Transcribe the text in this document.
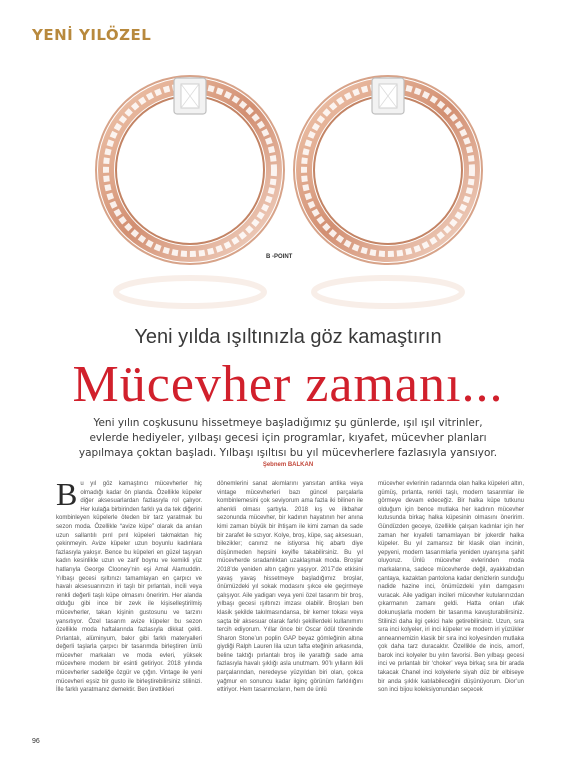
YENİ YILÖZEL
B -POINT
Yeni yılda ışıltınızla göz kamaştırın
Mücevher zamanı...
Yeni yılın coşkusunu hissetmeye başladığımız şu günlerde, ışıl ışıl vitrinler, evlerde hediyeler, yılbaşı gecesi için programlar, kıyafet, mücevher planları yapılmaya çoktan başladı. Yılbaşı ışıltısı bu yıl mücevherlere fazlasıyla yansıyor.
Şebnem BALKAN
Bu yıl göz kamaştırıcı mücevherler hiç olmadığı kadar ön planda. Özellikle küpeler diğer aksesuarlardan fazlasıyla rol çalıyor. Her kulağa birbirinden farklı ya da tek diğerini kombinleyen küpelerle öteden bir tarz yaratmak bu sezon moda. Özellikle “avize küpe” olarak da anılan uzun sallantılı pırıl pırıl küpeleri takmaktan hiç çekinmeyin. Avize küpeler uzun boyunlu kadınlara fazlasıyla yakışır. Bence bu küpeleri en güzel taşıyan kadın kesinlikle uzun ve zarif boynu ve kemikli yüz hatlarıyla George Clooney’nin eşi Amal Alamuddin. Yılbaşı gecesi ışıltınızı tamamlayan en çarpıcı ve havalı aksesuarınızın iri taşlı bir pırlantalı, incili veya renkli değerli taşlı küpe olmasını öneririm. Her alanda olduğu gibi ince bir zevk ile kişiselleştirilmiş mücevherler, takan kişinin gustosunu ve tarzını yansıtıyor. Özel tasarım avize küpeler bu sezon özellikle moda haftalarında fazlasıyla dikkat çekti. Pırlantalı, alüminyum, bakır gibi farklı materyalleri değerli taşlarla çarpıcı bir tasarımda birleştiren ünlü mücevher markaları ve moda evleri, yüksek mücevhere modern bir esinti getiriyor. 2018 yılında mücevherler sadeliğe özgür ve çığın. Vintage ile yeni mücevheri eşsiz bir gusto ile birleştirebilirsiniz stilinizi. İlle farklı yaratmanız demektir. Ben ürettikleri
dönemlerini sanat akımlarını yansıtan antika veya vintage mücevherleri bazı güncel parçalarla kombinlemesini çok seviyorum ama fazla iki bilinen ile ahenkli olması şartıyla. 2018 kış ve ilkbahar sezonunda mücevher, bir kadının hayatının her anına kimi zaman büyük bir ihtişam ile kimi zaman da sade bir zarafet ile sızıyor. Kolye, broş, küpe, saç aksesuarı, bilezikler; canınız ne istiyorsa hiç abartı diye düşünmeden hepsini keyifle takabilirsiniz. Bu yıl mücevherde sıradanlıktan uzaklaşmak moda. Broşlar 2018’de yeniden altın çağını yaşıyor. 2017’de etkisini yavaş yavaş hissetmeye başladığımız broşlar, önümüzdeki yıl sokak modasını şıkce ele geçirmeye çalışıyor. Aile yadigarı veya yeni özel tasarım bir broş, yılbaşı gecesi ışıltınızı imzası olabilir. Broşları ben klasik şekilde takılmasındansa, bir kemer tokası veya saçta bir aksesuar olarak farklı şekillerdeki kullanımını tercih ediyorum. Yıllar önce bir Oscar ödül töreninde Sharon Stone’un poplin GAP beyaz gömleğinin altına giydiği Ralph Lauren lila uzun tafta eteğinin arkasında, beline taktığı pırlantalı broş ile yarattığı sade ama fazlasıyla havalı şıklığı asla unutmam. 90’lı yılların ikili parçalarından, neredeyse yüzyıldan biri olan, çokca yağmur en sonuncu kadar ilginç görünüm farklılığını ettiriyor. Hem tasarımcıların, hem de ünlü
mücevher evlerinin radarında olan halka küpeleri altın, gümüş, pırlanta, renkli taşlı, modern tasarımlar ile görmeye devam edeceğiz. Bir halka küpe tutkunu olduğum için bence mutlaka her kadının mücevher kutusunda birkaç halka küpesinin olmasını öneririm. Gündüzden geceye, özellikle çalışan kadınlar için her zaman her kıyafeti tamamlayan bir jokerdir halka küpeler. Bu yıl zamansız bir klasik olan incinin, yepyeni, modern tasarımlarla yeniden uyanışına şahit oluyoruz. Ünlü mücevher evlerinden moda markalarına, sadece mücevherde değil, ayakkabıdan çantaya, kazaktan pantolona kadar denizlerin sunduğu nadide hazine inci, önümüzdeki yılın damgasını vuracak. Aile yadigarı incileri mücevher kutularınızdan çıkarmanın zamanı geldi. Hatta onları ufak dokunuşlarla modern bir tasarıma kavuşturabilirsiniz. Stilinizi daha ilgi çekici hale getirebilirsiniz. Uzun, sıra sıra inci kolyeler, iri inci küpeler ve modern iri yüzükler anneannemizin klasik bir sıra inci kolyesinden mutlaka çok daha tarz duracaktır. Özellikle de incis, amorf, barok inci kolyeler bu yılın favorisi. Ben yılbaşı gecesi inci ve pırlantalı bir ‘choker’ veya birkaç sıra bir arada takacak Chanel inci kolyelerle siyah düz bir elbiseye bir anda şıklık katılabileceğini düşünüyorum. Dior’un son inci bijou koleksiyonundan seçecek
96
